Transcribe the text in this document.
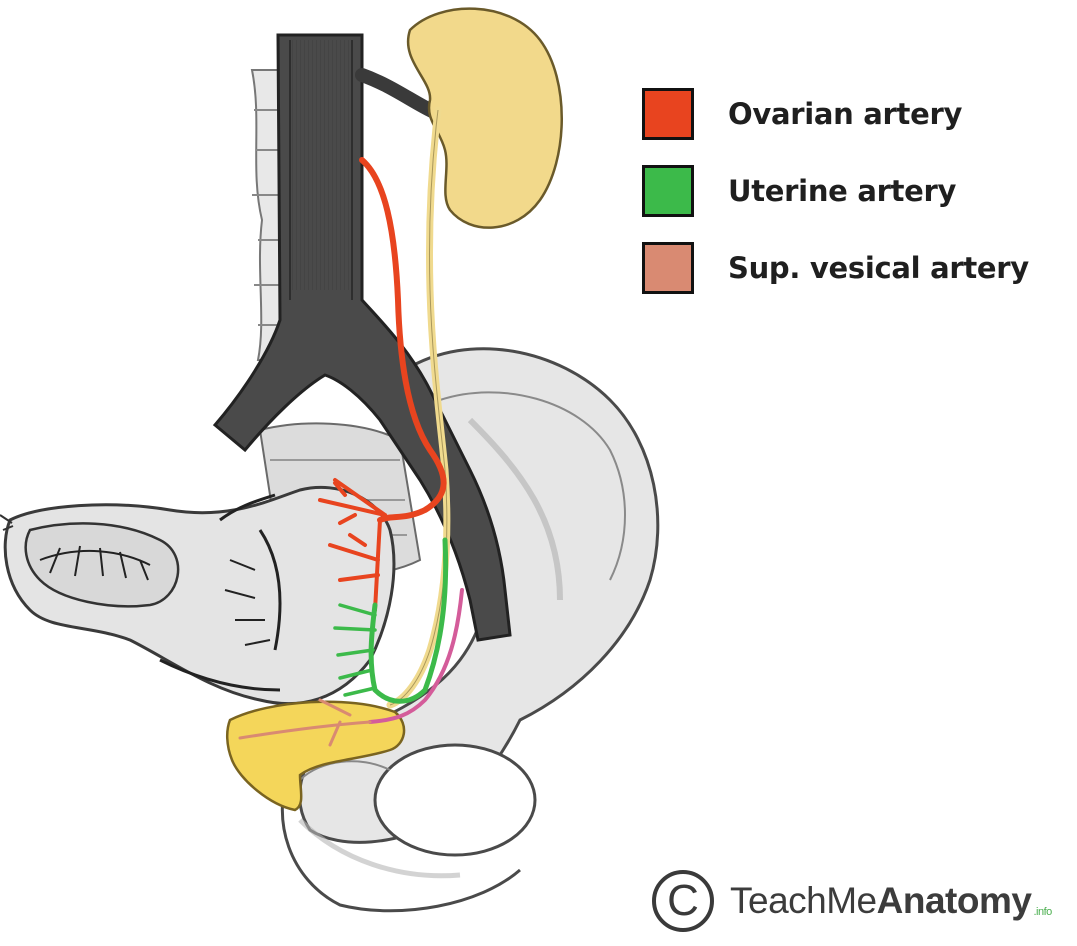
Ovarian artery
Uterine artery
Sup. vesical artery
C TeachMeAnatomy .info
